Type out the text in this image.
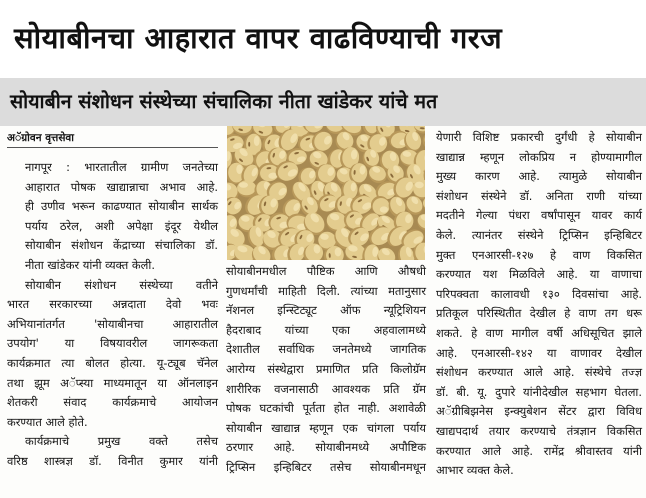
सोयाबीनचा आहारात वापर वाढविण्याची गरज
सोयाबीन संशोधन संस्थेच्या संचालिका नीता खांडेकर यांचे मत
अॅग्रोवन वृत्तसेवा

नागपूर : भारतातील ग्रामीण जनतेच्या
आहारात पोषक खाद्यान्नाचा अभाव आहे.
ही उणीव भरून काढण्यात सोयाबीन सार्थक
पर्याय ठरेल, अशी अपेक्षा इंदूर येथील
सोयाबीन संशोधन केंद्राच्या संचालिका डॉ.
नीता खांडेकर यांनी व्यक्त केली.

सोयाबीन संशोधन संस्थेच्या वतीने
भारत सरकारच्या अन्नदाता देवो भवः
अभियानांतर्गत 'सोयाबीनचा आहारातील
उपयोग' या विषयावरील जागरूकता
कार्यक्रमात त्या बोलत होत्या. यू-ट्यूब चॅनेल
तथा झूम अॅप्स्या माध्यमातून या ऑनलाइन
शेतकरी संवाद कार्यक्रमाचे आयोजन
करण्यात आले होते.

कार्यक्रमाचे प्रमुख वक्ते तसेच
वरिष्ठ शास्त्रज्ञ डॉ. विनीत कुमार यांनी

सोयाबीनमधील पौष्टिक आणि औषधी
गुणधर्मांची माहिती दिली. त्यांच्या मतानुसार
नॅशनल इन्स्टिट्यूट ऑफ न्यूट्रिशियन
हैदराबाद यांच्या एका अहवालामध्ये
देशातील सर्वाधिक जनतेमध्ये जागतिक
आरोग्य संस्थेद्वारा प्रमाणित प्रति किलोग्रॅम
शारीरिक वजनासाठी आवश्यक प्रति ग्रॅम
पोषक घटकांची पूर्तता होत नाही. अशावेळी
सोयाबीन खाद्यान्न म्हणून एक चांगला पर्याय
ठरणार आहे. सोयाबीनमध्ये अपौष्टिक
ट्रिप्सिन इन्हिबिटर तसेच सोयाबीनमधून

येणारी विशिष्ट प्रकारची दुर्गंधी हे सोयाबीन
खाद्यान्न म्हणून लोकप्रिय न होण्यामागील
मुख्य कारण आहे. त्यामुळे सोयाबीन
संशोधन संस्थेने डॉ. अनिता राणी यांच्या
मदतीने गेल्या पंधरा वर्षांपासून यावर कार्य
केले. त्यानंतर संस्थेने ट्रिप्सिन इन्हिबिटर
मुक्त एनआरसी-१२७ हे वाण विकसित
करण्यात यश मिळविले आहे. या वाणाचा
परिपक्वता कालावधी १३० दिवसांचा आहे.
प्रतिकूल परिस्थितीत देखील हे वाण तग धरू
शकते. हे वाण मागील वर्षी अधिसूचित झाले
आहे. एनआरसी-१४२ या वाणावर देखील
संशोधन करण्यात आले आहे. संस्थेचे तज्ज्ञ
डॉ. बी. यू. दुपारे यांनीदेखील सहभाग घेतला.
अॅग्रीबिझनेस इन्क्युबेशन सेंटर द्वारा विविध
खाद्यपदार्थ तयार करण्याचे तंत्रज्ञान विकसित
करण्यात आले आहे. रामेंद्र श्रीवास्तव यांनी
आभार व्यक्त केले.
